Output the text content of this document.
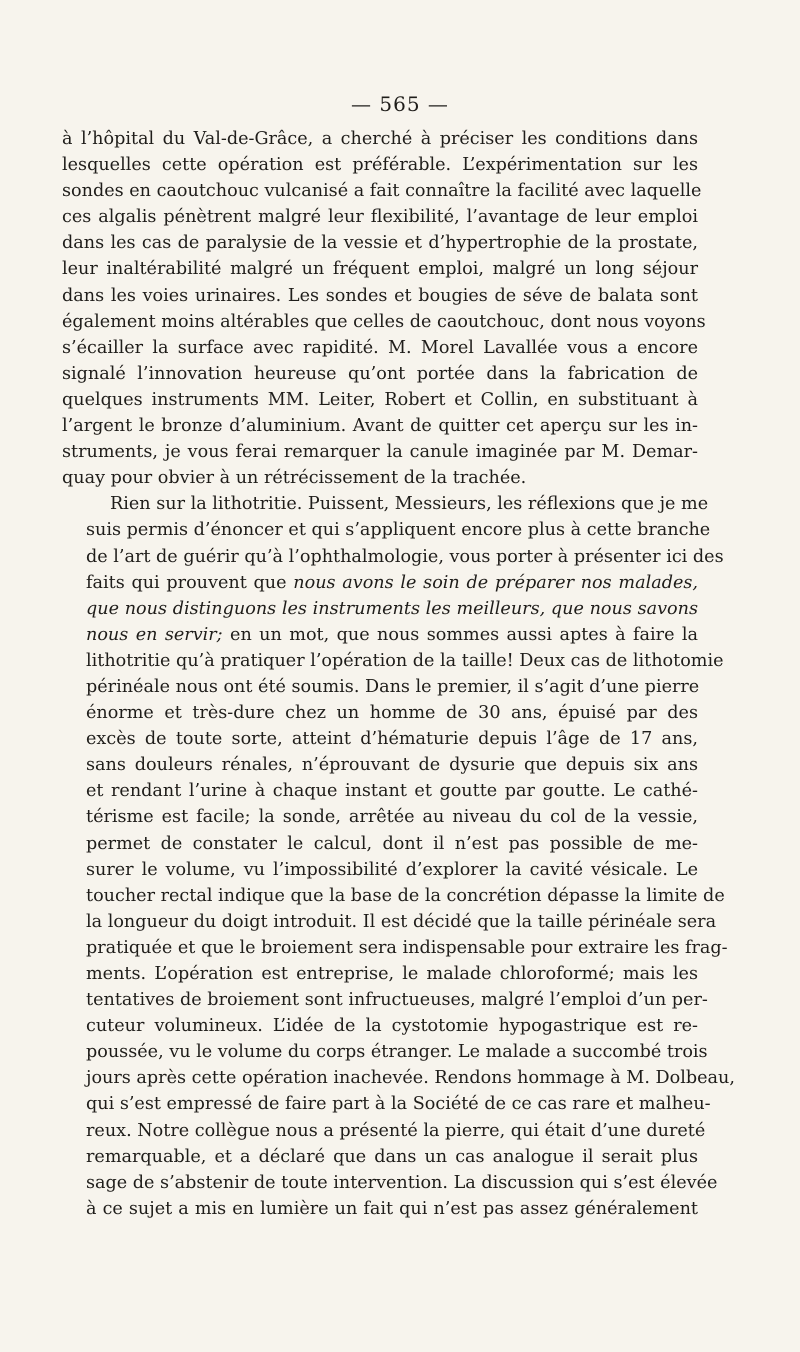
— 565 —

à l’hôpital du Val-de-Grâce, a cherché à préciser les conditions dans
lesquelles cette opération est préférable. L’expérimentation sur les
sondes en caoutchouc vulcanisé a fait connaître la facilité avec laquelle
ces algalis pénètrent malgré leur flexibilité, l’avantage de leur emploi
dans les cas de paralysie de la vessie et d’hypertrophie de la prostate,
leur inaltérabilité malgré un fréquent emploi, malgré un long séjour
dans les voies urinaires. Les sondes et bougies de séve de balata sont
également moins altérables que celles de caoutchouc, dont nous voyons
s’écailler la surface avec rapidité. M. Morel Lavallée vous a encore
signalé l’innovation heureuse qu’ont portée dans la fabrication de
quelques instruments MM. Leiter, Robert et Collin, en substituant à
l’argent le bronze d’aluminium. Avant de quitter cet aperçu sur les in-
struments, je vous ferai remarquer la canule imaginée par M. Demar-
quay pour obvier à un rétrécissement de la trachée.

Rien sur la lithotritie. Puissent, Messieurs, les réflexions que je me
suis permis d’énoncer et qui s’appliquent encore plus à cette branche
de l’art de guérir qu’à l’ophthalmologie, vous porter à présenter ici des
faits qui prouvent que nous avons le soin de préparer nos malades,
que nous distinguons les instruments les meilleurs, que nous savons
nous en servir; en un mot, que nous sommes aussi aptes à faire la
lithotritie qu’à pratiquer l’opération de la taille! Deux cas de lithotomie
périnéale nous ont été soumis. Dans le premier, il s’agit d’une pierre
énorme et très-dure chez un homme de 30 ans, épuisé par des
excès de toute sorte, atteint d’hématurie depuis l’âge de 17 ans,
sans douleurs rénales, n’éprouvant de dysurie que depuis six ans
et rendant l’urine à chaque instant et goutte par goutte. Le cathé-
térisme est facile; la sonde, arrêtée au niveau du col de la vessie,
permet de constater le calcul, dont il n’est pas possible de me-
surer le volume, vu l’impossibilité d’explorer la cavité vésicale. Le
toucher rectal indique que la base de la concrétion dépasse la limite de
la longueur du doigt introduit. Il est décidé que la taille périnéale sera
pratiquée et que le broiement sera indispensable pour extraire les frag-
ments. L’opération est entreprise, le malade chloroformé; mais les
tentatives de broiement sont infructueuses, malgré l’emploi d’un per-
cuteur volumineux. L’idée de la cystotomie hypogastrique est re-
poussée, vu le volume du corps étranger. Le malade a succombé trois
jours après cette opération inachevée. Rendons hommage à M. Dolbeau,
qui s’est empressé de faire part à la Société de ce cas rare et malheu-
reux. Notre collègue nous a présenté la pierre, qui était d’une dureté
remarquable, et a déclaré que dans un cas analogue il serait plus
sage de s’abstenir de toute intervention. La discussion qui s’est élevée
à ce sujet a mis en lumière un fait qui n’est pas assez généralement
